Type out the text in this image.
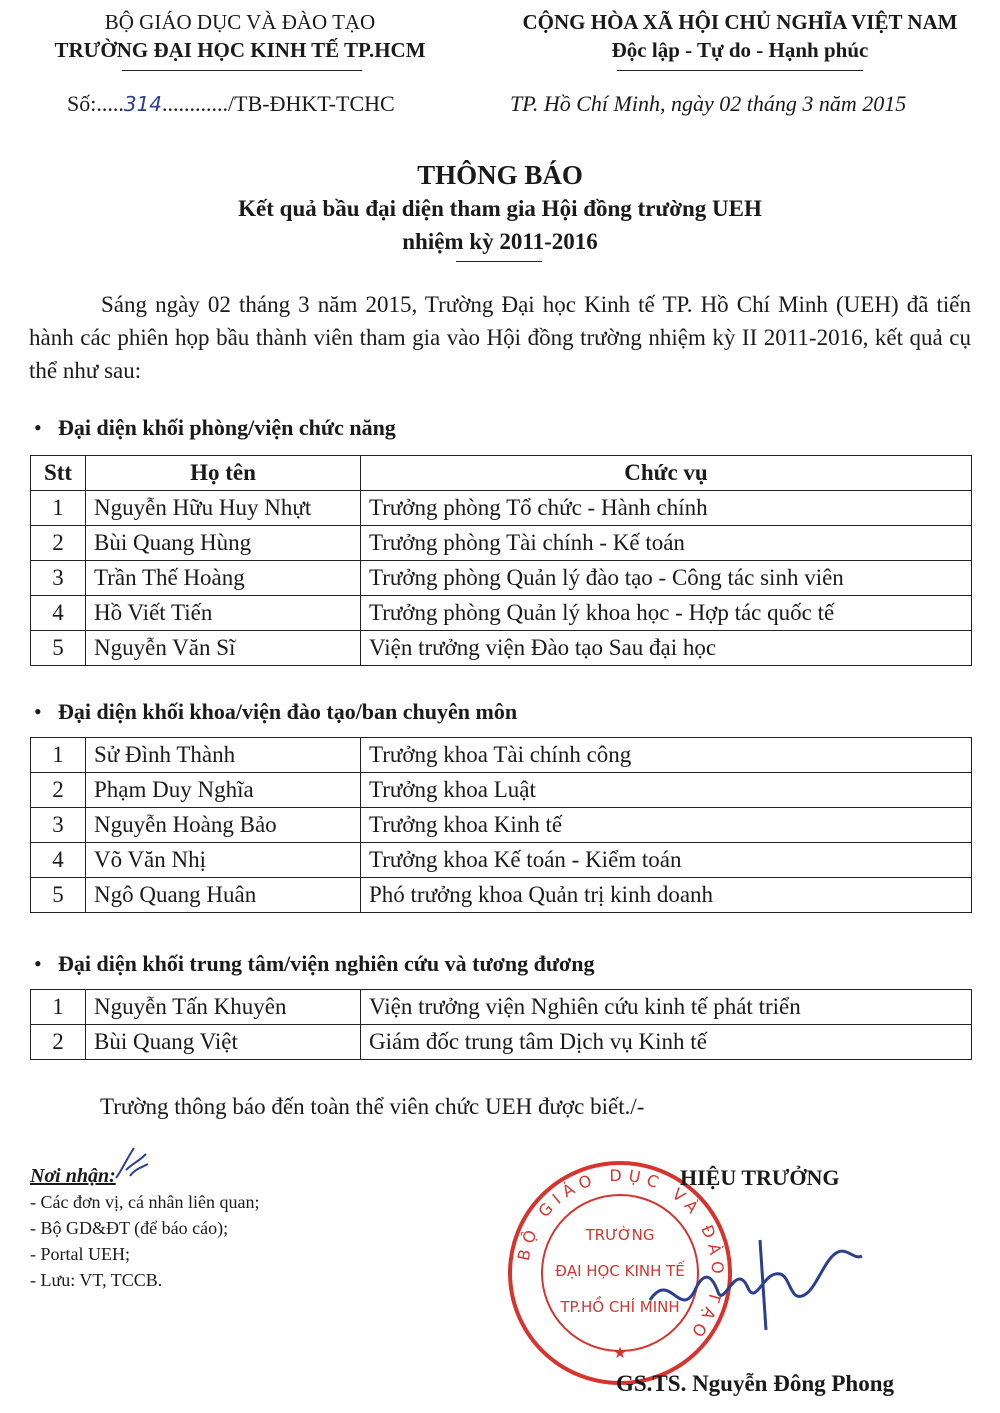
BỘ GIÁO DỤC VÀ ĐÀO TẠO
TRƯỜNG ĐẠI HỌC KINH TẾ TP.HCM
CỘNG HÒA XÃ HỘI CHỦ NGHĨA VIỆT NAM
Độc lập - Tự do - Hạnh phúc
Số:.....314............/TB-ĐHKT-TCHC	TP. Hồ Chí Minh, ngày 02 tháng 3 năm 2015
THÔNG BÁO
Kết quả bầu đại diện tham gia Hội đồng trường UEH
nhiệm kỳ 2011-2016
Sáng ngày 02 tháng 3 năm 2015, Trường Đại học Kinh tế TP. Hồ Chí Minh (UEH) đã tiến hành các phiên họp bầu thành viên tham gia vào Hội đồng trường nhiệm kỳ II 2011-2016, kết quả cụ thể như sau:
• Đại diện khối phòng/viện chức năng
Stt	Họ tên	Chức vụ
1	Nguyễn Hữu Huy Nhựt	Trưởng phòng Tổ chức - Hành chính
2	Bùi Quang Hùng	Trưởng phòng Tài chính - Kế toán
3	Trần Thế Hoàng	Trưởng phòng Quản lý đào tạo - Công tác sinh viên
4	Hồ Viết Tiến	Trưởng phòng Quản lý khoa học - Hợp tác quốc tế
5	Nguyễn Văn Sĩ	Viện trưởng viện Đào tạo Sau đại học
• Đại diện khối khoa/viện đào tạo/ban chuyên môn
1	Sử Đình Thành	Trưởng khoa Tài chính công
2	Phạm Duy Nghĩa	Trưởng khoa Luật
3	Nguyễn Hoàng Bảo	Trưởng khoa Kinh tế
4	Võ Văn Nhị	Trưởng khoa Kế toán - Kiểm toán
5	Ngô Quang Huân	Phó trưởng khoa Quản trị kinh doanh
• Đại diện khối trung tâm/viện nghiên cứu và tương đương
1	Nguyễn Tấn Khuyên	Viện trưởng viện Nghiên cứu kinh tế phát triển
2	Bùi Quang Việt	Giám đốc trung tâm Dịch vụ Kinh tế
Trường thông báo đến toàn thể viên chức UEH được biết./-
Nơi nhận:
- Các đơn vị, cá nhân liên quan;
- Bộ GD&ĐT (để báo cáo);
- Portal UEH;
- Lưu: VT, TCCB.
BỘ GIÁO DỤC VÀ ĐÀO TẠO
TRƯỜNG
ĐẠI HỌC KINH TẾ
TP.HỒ CHÍ MINH
★
HIỆU TRƯỞNG
GS.TS. Nguyễn Đông Phong
